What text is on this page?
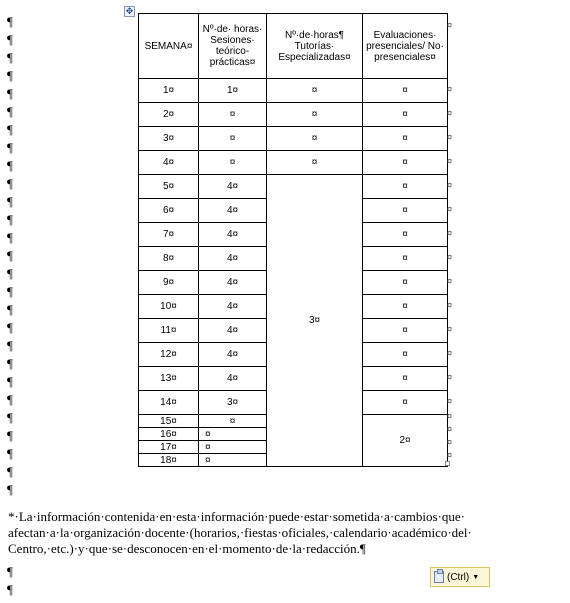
¶
¶
¶
¶
¶
¶
¶
¶
¶
¶
¶
¶
¶
¶
¶
¶
¶
¶
¶
¶
¶
¶
¶
¶
¶
¶
¶
¶
¶
✥
SEMANA¤	Nº·de· horas· Sesiones· teórico- prácticas¤	Nº·de·horas¶ Tutorías· Especializadas¤	Evaluaciones· presenciales/ No· presenciales¤
1¤	1¤	¤	¤
2¤	¤	¤	¤
3¤	¤	¤	¤
4¤	¤	¤	¤
5¤	4¤	3¤	¤
6¤	4¤		¤
7¤	4¤		¤
8¤	4¤		¤
9¤	4¤		¤
10¤	4¤		¤
11¤	4¤		¤
12¤	4¤		¤
13¤	4¤		¤
14¤	3¤		¤
15¤	¤		2¤
16¤	¤		
17¤	¤		
18¤	¤		
¤
¤
¤
¤
¤
¤
¤
¤
¤
¤
¤
¤
¤
¤
¤
¤
¤
¤
¤
*·La·información·contenida·en·esta·información·puede·estar·sometida·a·cambios·que· afectan·a·la·organización·docente·(horarios,·fiestas·oficiales,·calendario·académico·del· Centro,·etc.)·y·que·se·desconocen·en·el·momento·de·la·redacción.¶
(Ctrl) ▼
